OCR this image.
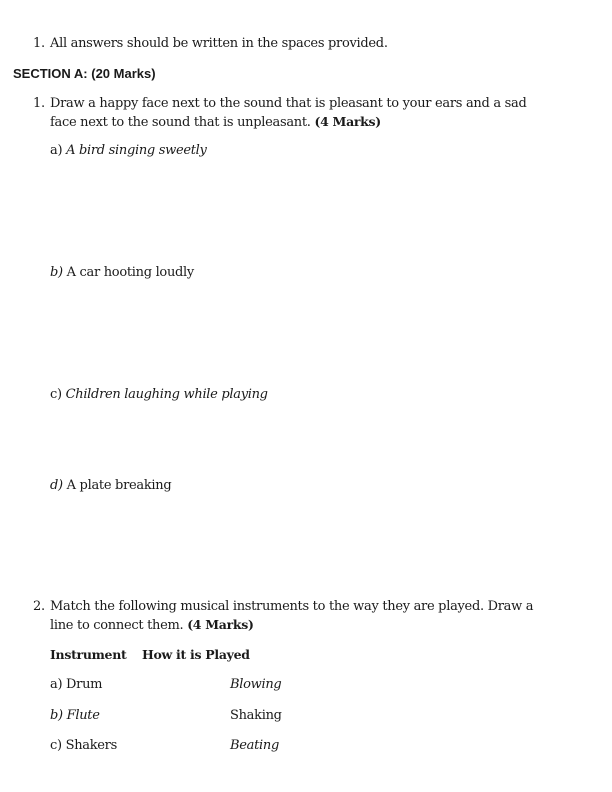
1. All answers should be written in the spaces provided.
SECTION A: (20 Marks)
1. Draw a happy face next to the sound that is pleasant to your ears and a sad
face next to the sound that is unpleasant. (4 Marks)
a) A bird singing sweetly
b) A car hooting loudly
c) Children laughing while playing
d) A plate breaking
2. Match the following musical instruments to the way they are played. Draw a
line to connect them. (4 Marks)
Instrument How it is Played
a) Drum	Blowing
b) Flute	Shaking
c) Shakers	Beating
